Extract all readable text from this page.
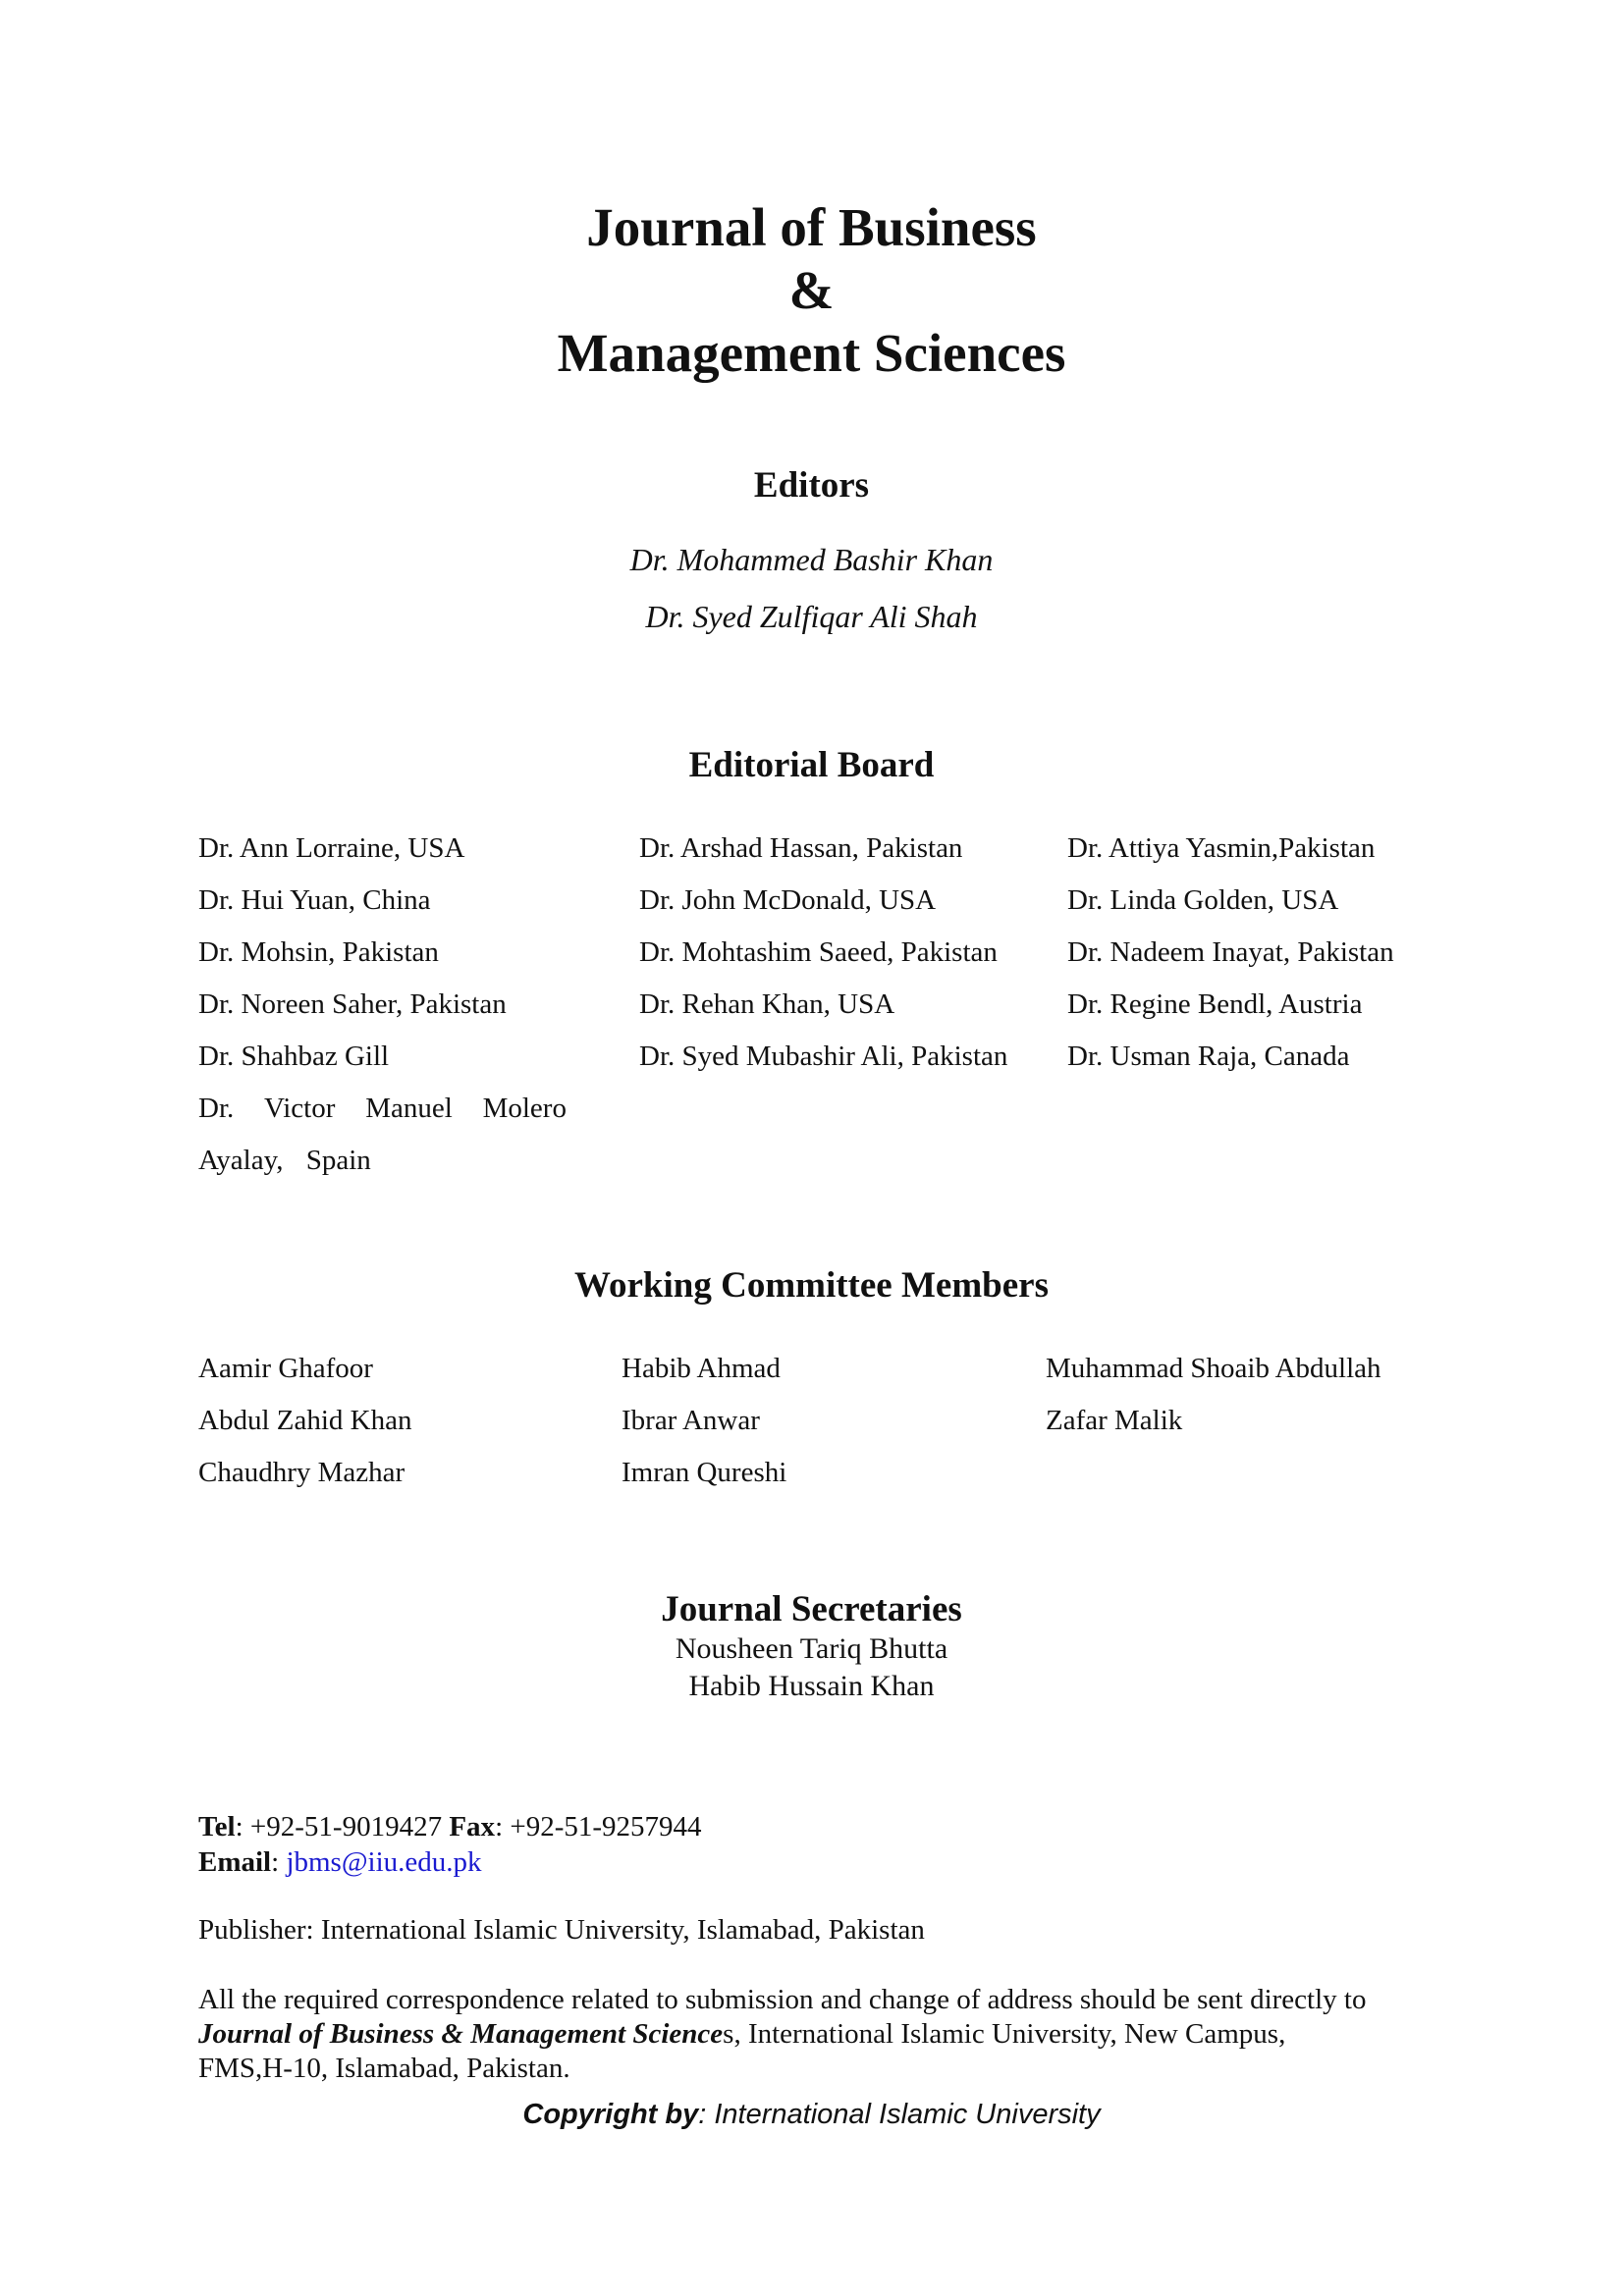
Journal of Business
&
Management Sciences
Editors
Dr. Mohammed Bashir Khan
Dr. Syed Zulfiqar Ali Shah
Editorial Board
Dr. Ann Lorraine, USA
Dr. Hui Yuan, China
Dr. Mohsin, Pakistan
Dr. Noreen Saher, Pakistan
Dr. Shahbaz Gill
Dr. Victor Manuel Molero
Ayalay, Spain
Dr. Arshad Hassan, Pakistan
Dr. John McDonald, USA
Dr. Mohtashim Saeed, Pakistan
Dr. Rehan Khan, USA
Dr. Syed Mubashir Ali, Pakistan
Dr. Attiya Yasmin,Pakistan
Dr. Linda Golden, USA
Dr. Nadeem Inayat, Pakistan
Dr. Regine Bendl, Austria
Dr. Usman Raja, Canada
Working Committee Members
Aamir Ghafoor
Abdul Zahid Khan
Chaudhry Mazhar
Habib Ahmad
Ibrar Anwar
Imran Qureshi
Muhammad Shoaib Abdullah
Zafar Malik
Journal Secretaries
Nousheen Tariq Bhutta
Habib Hussain Khan
Tel: +92-51-9019427 Fax: +92-51-9257944
Email: jbms@iiu.edu.pk
Publisher: International Islamic University, Islamabad, Pakistan
All the required correspondence related to submission and change of address should be sent directly to
Journal of Business & Management Sciences, International Islamic University, New Campus,
FMS,H-10, Islamabad, Pakistan.
Copyright by: International Islamic University
